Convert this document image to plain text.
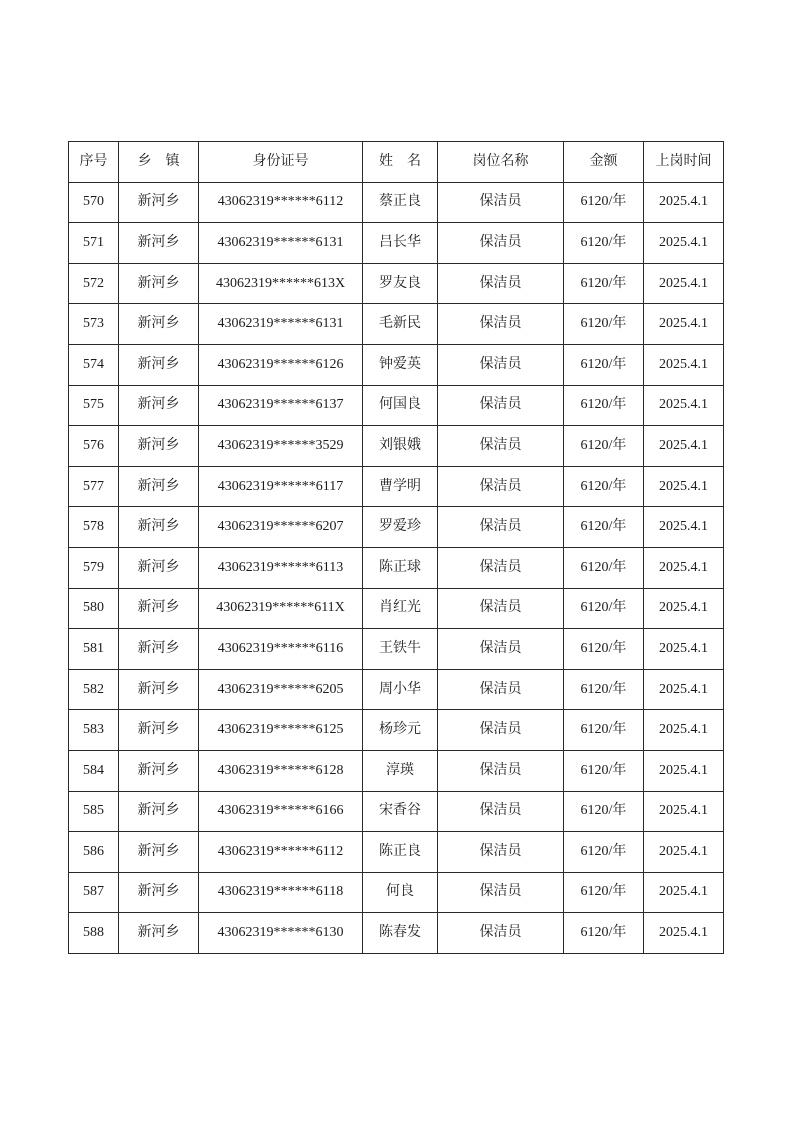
序号	乡　镇	身份证号	姓　名	岗位名称	金额	上岗时间
570	新河乡	43062319******6112	蔡正良	保洁员	6120/年	2025.4.1
571	新河乡	43062319******6131	吕长华	保洁员	6120/年	2025.4.1
572	新河乡	43062319******613X	罗友良	保洁员	6120/年	2025.4.1
573	新河乡	43062319******6131	毛新民	保洁员	6120/年	2025.4.1
574	新河乡	43062319******6126	钟爱英	保洁员	6120/年	2025.4.1
575	新河乡	43062319******6137	何国良	保洁员	6120/年	2025.4.1
576	新河乡	43062319******3529	刘银娥	保洁员	6120/年	2025.4.1
577	新河乡	43062319******6117	曹学明	保洁员	6120/年	2025.4.1
578	新河乡	43062319******6207	罗爱珍	保洁员	6120/年	2025.4.1
579	新河乡	43062319******6113	陈正球	保洁员	6120/年	2025.4.1
580	新河乡	43062319******611X	肖红光	保洁员	6120/年	2025.4.1
581	新河乡	43062319******6116	王铁牛	保洁员	6120/年	2025.4.1
582	新河乡	43062319******6205	周小华	保洁员	6120/年	2025.4.1
583	新河乡	43062319******6125	杨珍元	保洁员	6120/年	2025.4.1
584	新河乡	43062319******6128	淳瑛	保洁员	6120/年	2025.4.1
585	新河乡	43062319******6166	宋香谷	保洁员	6120/年	2025.4.1
586	新河乡	43062319******6112	陈正良	保洁员	6120/年	2025.4.1
587	新河乡	43062319******6118	何良	保洁员	6120/年	2025.4.1
588	新河乡	43062319******6130	陈春发	保洁员	6120/年	2025.4.1
